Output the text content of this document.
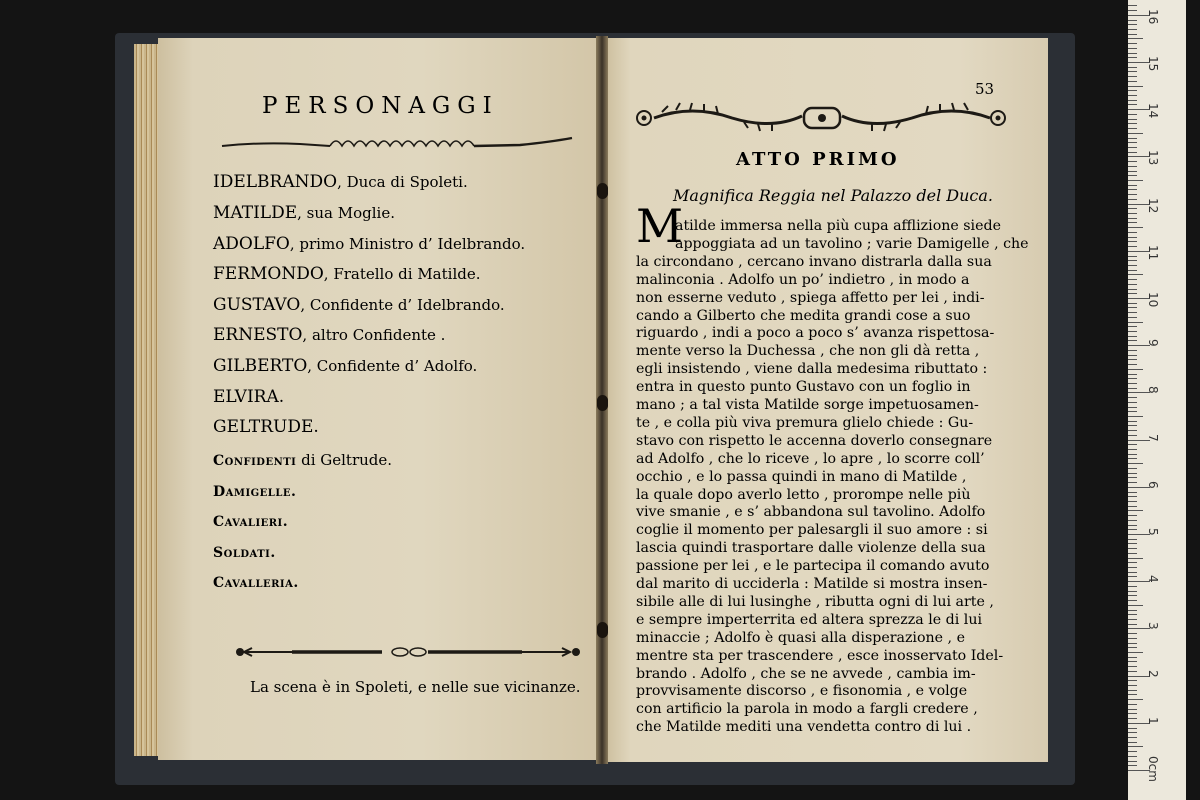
PERSONAGGI
IDELBRANDO, Duca di Spoleti.
MATILDE, sua Moglie.
ADOLFO, primo Ministro d’ Idelbrando.
FERMONDO, Fratello di Matilde.
GUSTAVO, Confidente d’ Idelbrando.
ERNESTO, altro Confidente .
GILBERTO, Confidente d’ Adolfo.
ELVIRA.
GELTRUDE.
Confidenti di Geltrude.
Damigelle.
Cavalieri.
Soldati.
Cavalleria.
La scena è in Spoleti, e nelle sue vicinanze.
53
ATTO PRIMO
Magnifica Reggia nel Palazzo del Duca.
M
atilde immersa nella più cupa afflizione siede
appoggiata ad un tavolino ; varie Damigelle , che
la circondano , cercano invano distrarla dalla sua
malinconia . Adolfo un po’ indietro , in modo a
non esserne veduto , spiega affetto per lei , indi-
cando a Gilberto che medita grandi cose a suo
riguardo , indi a poco a poco s’ avanza rispettosa-
mente verso la Duchessa , che non gli dà retta ,
egli insistendo , viene dalla medesima ributtato :
entra in questo punto Gustavo con un foglio in
mano ; a tal vista Matilde sorge impetuosamen-
te , e colla più viva premura glielo chiede : Gu-
stavo con rispetto le accenna doverlo consegnare
ad Adolfo , che lo riceve , lo apre , lo scorre coll’
occhio , e lo passa quindi in mano di Matilde ,
la quale dopo averlo letto , prorompe nelle più
vive smanie , e s’ abbandona sul tavolino. Adolfo
coglie il momento per palesargli il suo amore : si
lascia quindi trasportare dalle violenze della sua
passione per lei , e le partecipa il comando avuto
dal marito di ucciderla : Matilde si mostra insen-
sibile alle di lui lusinghe , ributta ogni di lui arte ,
e sempre imperterrita ed altera sprezza le di lui
minaccie ; Adolfo è quasi alla disperazione , e
mentre sta per trascendere , esce inosservato Idel-
brando . Adolfo , che se ne avvede , cambia im-
provvisamente discorso , e fisonomia , e volge
con artificio la parola in modo a fargli credere ,
che Matilde mediti una vendetta contro di lui .
0cm
1
2
3
4
5
6
7
8
9
10
11
12
13
14
15
16
